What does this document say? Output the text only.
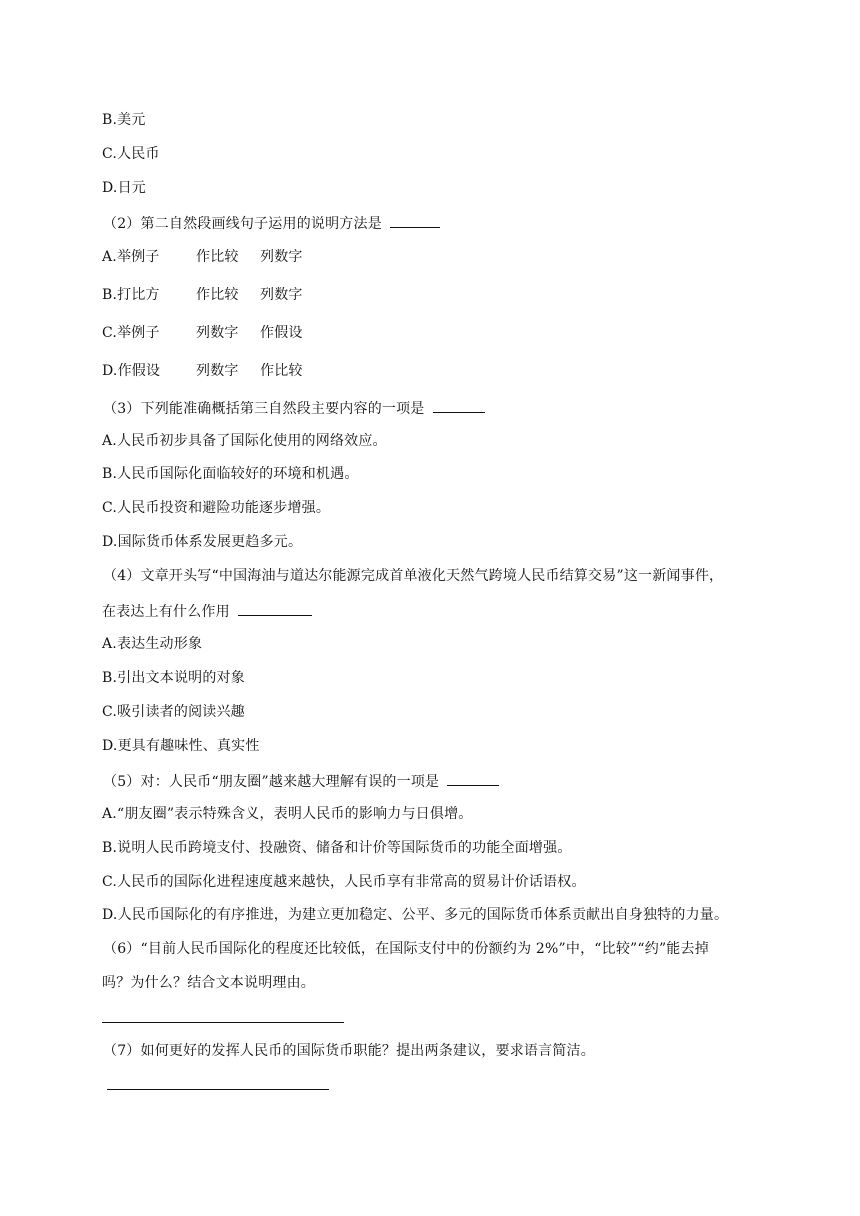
B.美元
C.人民币
D.日元
（2）第二自然段画线句子运用的说明方法是
A.举例子	作比较 列数字
B.打比方	作比较 列数字
C.举例子	列数字 作假设
D.作假设	列数字 作比较
（3）下列能准确概括第三自然段主要内容的一项是
A.人民币初步具备了国际化使用的网络效应。
B.人民币国际化面临较好的环境和机遇。
C.人民币投资和避险功能逐步增强。
D.国际货币体系发展更趋多元。
（4）文章开头写“中国海油与道达尔能源完成首单液化天然气跨境人民币结算交易”这一新闻事件，
在表达上有什么作用
A.表达生动形象
B.引出文本说明的对象
C.吸引读者的阅读兴趣
D.更具有趣味性、真实性
（5）对：人民币“朋友圈”越来越大理解有误的一项是
A.“朋友圈”表示特殊含义，表明人民币的影响力与日俱增。
B.说明人民币跨境支付、投融资、储备和计价等国际货币的功能全面增强。
C.人民币的国际化进程速度越来越快，人民币享有非常高的贸易计价话语权。
D.人民币国际化的有序推进，为建立更加稳定、公平、多元的国际货币体系贡献出自身独特的力量。
（6）“目前人民币国际化的程度还比较低，在国际支付中的份额约为 2%”中，“比较”“约”能去掉
吗？为什么？结合文本说明理由。
（7）如何更好的发挥人民币的国际货币职能？提出两条建议，要求语言简洁。
